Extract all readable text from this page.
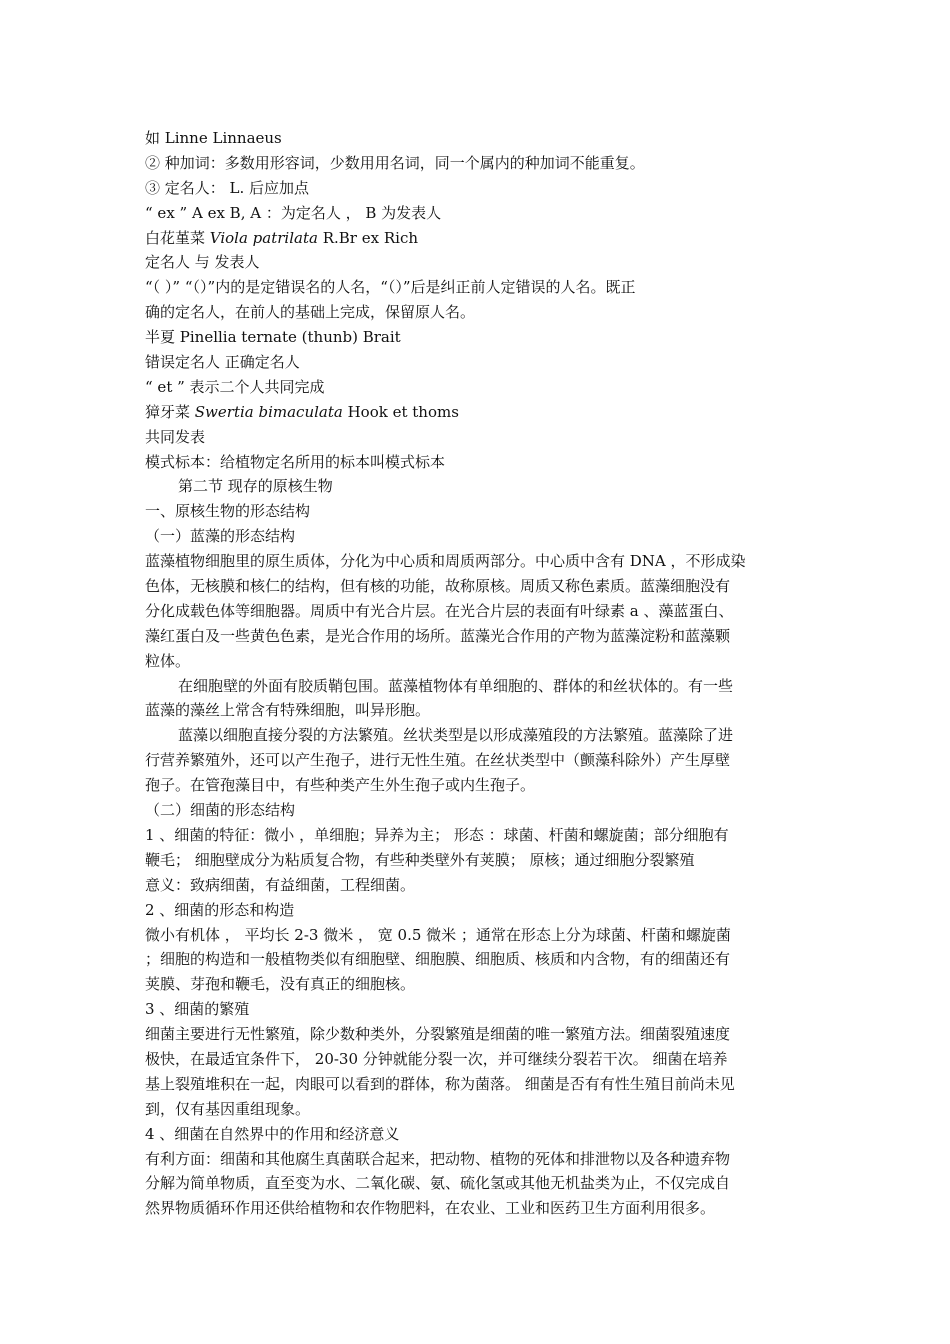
如 Linne Linnaeus
② 种加词：多数用形容词，少数用用名词，同一个属内的种加词不能重复。
③ 定名人： L. 后应加点
“ ex ” A ex B, A ：为定名人 ， B 为发表人
白花堇菜 Viola patrilata R.Br ex Rich
定名人 与 发表人
“（ ）” “（）”内的是定错误名的人名，“（）”后是纠正前人定错误的人名。既正
确的定名人，在前人的基础上完成，保留原人名。
半夏 Pinellia ternate (thunb) Brait
错误定名人 正确定名人
“ et ” 表示二个人共同完成
獐牙菜 Swertia bimaculata Hook et thoms
共同发表
模式标本：给植物定名所用的标本叫模式标本
第二节 现存的原核生物
一、原核生物的形态结构
（一）蓝藻的形态结构
蓝藻植物细胞里的原生质体，分化为中心质和周质两部分。中心质中含有 DNA ，不形成染
色体，无核膜和核仁的结构，但有核的功能，故称原核。周质又称色素质。蓝藻细胞没有
分化成载色体等细胞器。周质中有光合片层。在光合片层的表面有叶绿素 a 、藻蓝蛋白、
藻红蛋白及一些黄色色素，是光合作用的场所。蓝藻光合作用的产物为蓝藻淀粉和蓝藻颗
粒体。
在细胞壁的外面有胶质鞘包围。蓝藻植物体有单细胞的、群体的和丝状体的。有一些
蓝藻的藻丝上常含有特殊细胞，叫异形胞。
蓝藻以细胞直接分裂的方法繁殖。丝状类型是以形成藻殖段的方法繁殖。蓝藻除了进
行营养繁殖外，还可以产生孢子，进行无性生殖。在丝状类型中（颤藻科除外）产生厚壁
孢子。在管孢藻目中，有些种类产生外生孢子或内生孢子。
（二）细菌的形态结构
1 、细菌的特征：微小 ，单细胞；异养为主； 形态 ：球菌、杆菌和螺旋菌；部分细胞有
鞭毛； 细胞壁成分为粘质复合物，有些种类壁外有荚膜； 原核；通过细胞分裂繁殖
意义：致病细菌，有益细菌，工程细菌。
2 、细菌的形态和构造
微小有机体 ， 平均长 2-3 微米 ， 宽 0.5 微米 ；通常在形态上分为球菌、杆菌和螺旋菌
；细胞的构造和一般植物类似有细胞壁、细胞膜、细胞质、核质和内含物，有的细菌还有
荚膜、芽孢和鞭毛，没有真正的细胞核。
3 、细菌的繁殖
细菌主要进行无性繁殖，除少数种类外，分裂繁殖是细菌的唯一繁殖方法。细菌裂殖速度
极快，在最适宜条件下， 20-30 分钟就能分裂一次，并可继续分裂若干次。 细菌在培养
基上裂殖堆积在一起，肉眼可以看到的群体，称为菌落。 细菌是否有有性生殖目前尚未见
到，仅有基因重组现象。
4 、细菌在自然界中的作用和经济意义
有利方面：细菌和其他腐生真菌联合起来，把动物、植物的死体和排泄物以及各种遗弃物
分解为简单物质，直至变为水、二氧化碳、氨、硫化氢或其他无机盐类为止，不仅完成自
然界物质循环作用还供给植物和农作物肥料，在农业、工业和医药卫生方面利用很多。
